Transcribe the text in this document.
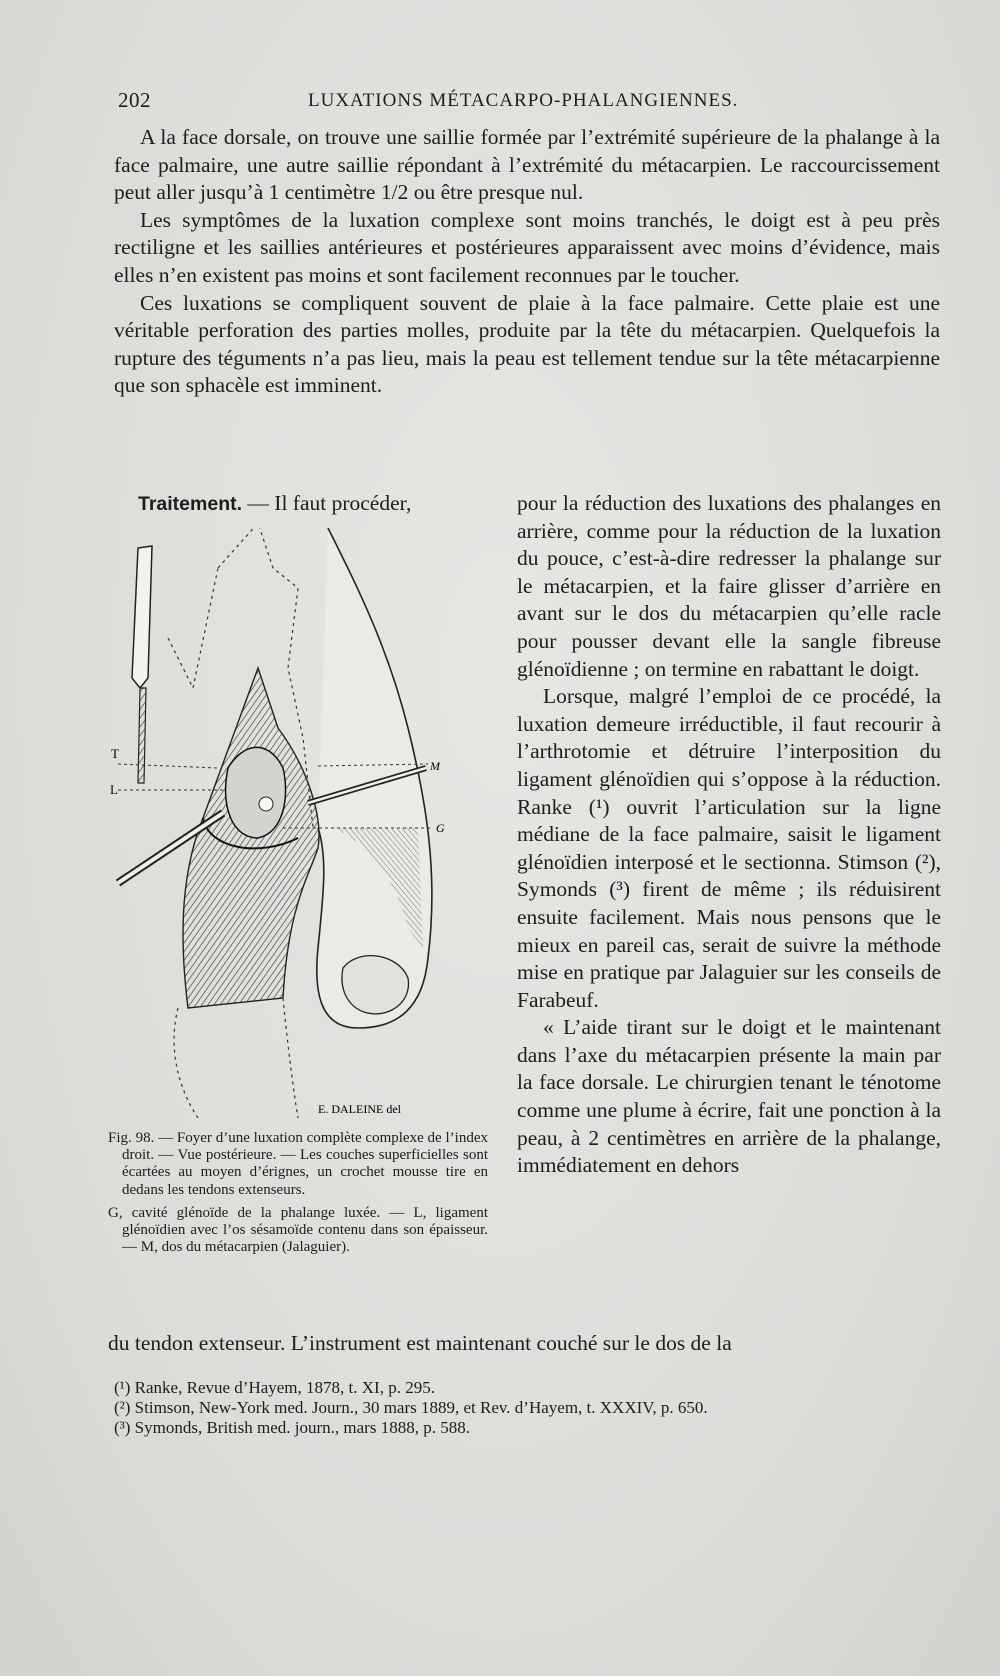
202	LUXATIONS MÉTACARPO-PHALANGIENNES.

A la face dorsale, on trouve une saillie formée par l’extrémité supérieure de la phalange à la face palmaire, une autre saillie répondant à l’extrémité du métacarpien. Le raccourcissement peut aller jusqu’à 1 centimètre 1/2 ou être presque nul.

Les symptômes de la luxation complexe sont moins tranchés, le doigt est à peu près rectiligne et les saillies antérieures et postérieures apparaissent avec moins d’évidence, mais elles n’en existent pas moins et sont facilement reconnues par le toucher.

Ces luxations se compliquent souvent de plaie à la face palmaire. Cette plaie est une véritable perforation des parties molles, produite par la tête du métacarpien. Quelquefois la rupture des téguments n’a pas lieu, mais la peau est tellement tendue sur la tête métacarpienne que son sphacèle est imminent.

Traitement. — Il faut procéder,
T
L
M
G
E. DALEINE del

Fig. 98. — Foyer d’une luxation complète complexe de l’index droit. — Vue postérieure. — Les couches superficielles sont écartées au moyen d’érignes, un crochet mousse tire en dedans les tendons extenseurs.

G, cavité glénoïde de la phalange luxée. — L, ligament glénoïdien avec l’os sésamoïde contenu dans son épaisseur. — M, dos du métacarpien (Jalaguier).

pour la réduction des luxations des phalanges en arrière, comme pour la réduction de la luxation du pouce, c’est-à-dire redresser la phalange sur le métacarpien, et la faire glisser d’arrière en avant sur le dos du métacarpien qu’elle racle pour pousser devant elle la sangle fibreuse glénoïdienne ; on termine en rabattant le doigt.

Lorsque, malgré l’emploi de ce procédé, la luxation demeure irréductible, il faut recourir à l’arthrotomie et détruire l’interposition du ligament glénoïdien qui s’oppose à la réduction. Ranke (¹) ouvrit l’articulation sur la ligne médiane de la face palmaire, saisit le ligament glénoïdien interposé et le sectionna. Stimson (²), Symonds (³) firent de même ; ils réduisirent ensuite facilement. Mais nous pensons que le mieux en pareil cas, serait de suivre la méthode mise en pratique par Jalaguier sur les conseils de Farabeuf.

« L’aide tirant sur le doigt et le maintenant dans l’axe du métacarpien présente la main par la face dorsale. Le chirurgien tenant le ténotome comme une plume à écrire, fait une ponction à la peau, à 2 centimètres en arrière de la phalange, immédiatement en dehors

du tendon extenseur. L’instrument est maintenant couché sur le dos de la

(¹) Ranke, Revue d’Hayem, 1878, t. XI, p. 295.

(²) Stimson, New-York med. Journ., 30 mars 1889, et Rev. d’Hayem, t. XXXIV, p. 650.

(³) Symonds, British med. journ., mars 1888, p. 588.
